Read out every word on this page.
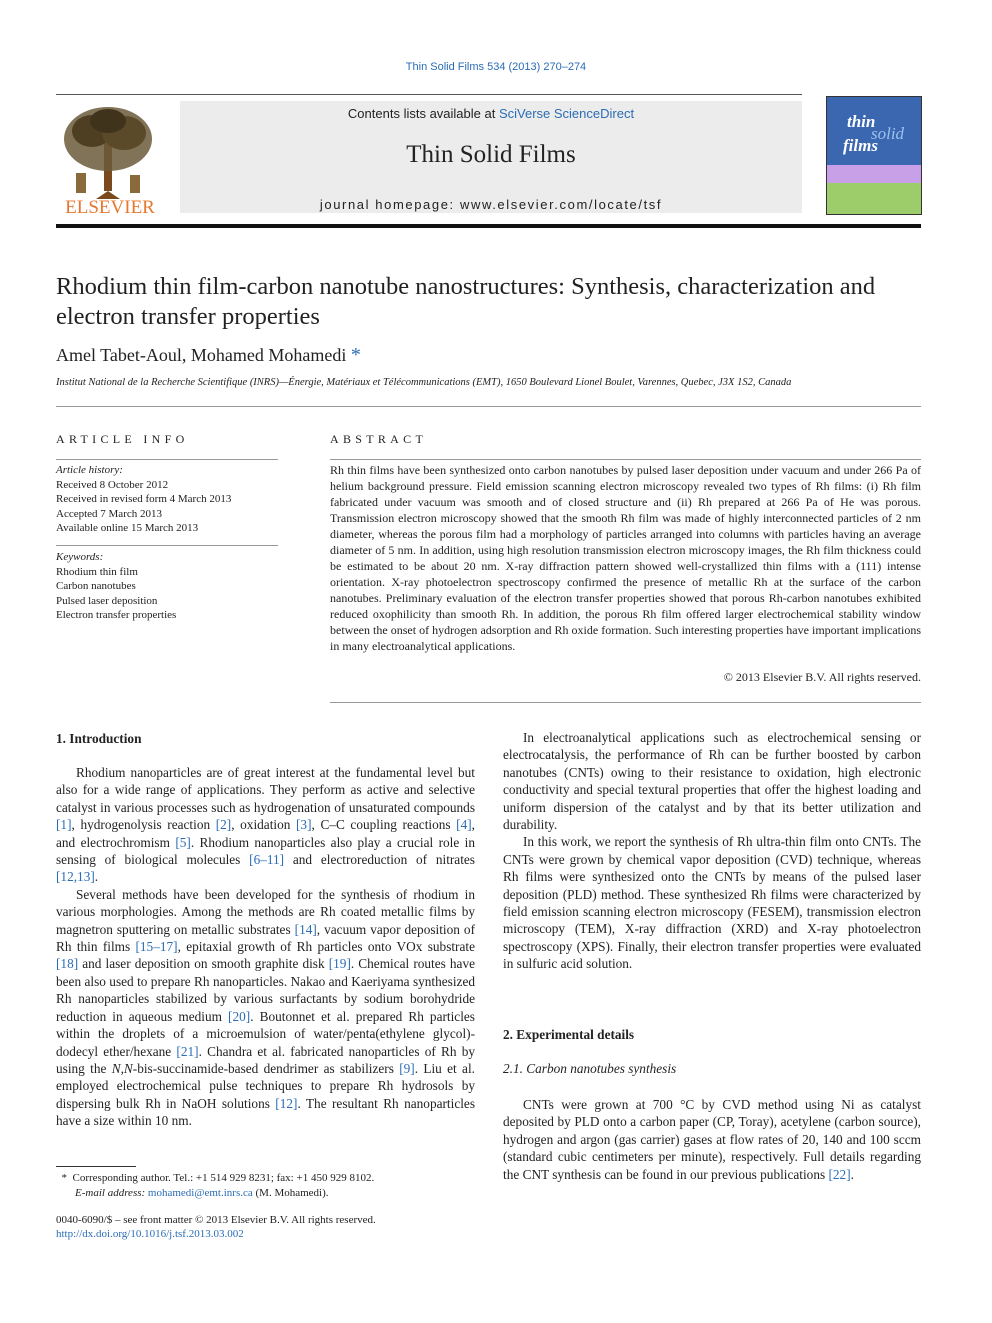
Thin Solid Films 534 (2013) 270–274
ELSEVIER
Contents lists available at SciVerse ScienceDirect
Thin Solid Films
journal homepage: www.elsevier.com/locate/tsf
thin
solid
films
Rhodium thin film-carbon nanotube nanostructures: Synthesis, characterization and electron transfer properties
Amel Tabet-Aoul, Mohamed Mohamedi *
Institut National de la Recherche Scientifique (INRS)—Énergie, Matériaux et Télécommunications (EMT), 1650 Boulevard Lionel Boulet, Varennes, Quebec, J3X 1S2, Canada
ARTICLE INFO
Article history:
Received 8 October 2012
Received in revised form 4 March 2013
Accepted 7 March 2013
Available online 15 March 2013
Keywords:
Rhodium thin film
Carbon nanotubes
Pulsed laser deposition
Electron transfer properties
ABSTRACT
Rh thin films have been synthesized onto carbon nanotubes by pulsed laser deposition under vacuum and under 266 Pa of helium background pressure. Field emission scanning electron microscopy revealed two types of Rh films: (i) Rh film fabricated under vacuum was smooth and of closed structure and (ii) Rh prepared at 266 Pa of He was porous. Transmission electron microscopy showed that the smooth Rh film was made of highly interconnected particles of 2 nm diameter, whereas the porous film had a morphology of particles arranged into columns with particles having an average diameter of 5 nm. In addition, using high resolution transmission electron microscopy images, the Rh film thickness could be estimated to be about 20 nm. X-ray diffraction pattern showed well-crystallized thin films with a (111) intense orientation. X-ray photoelectron spectroscopy confirmed the presence of metallic Rh at the surface of the carbon nanotubes. Preliminary evaluation of the electron transfer properties showed that porous Rh-carbon nanotubes exhibited reduced oxophilicity than smooth Rh. In addition, the porous Rh film offered larger electrochemical stability window between the onset of hydrogen adsorption and Rh oxide formation. Such interesting properties have important implications in many electroanalytical applications.
© 2013 Elsevier B.V. All rights reserved.
1. Introduction

Rhodium nanoparticles are of great interest at the fundamental level but also for a wide range of applications. They perform as active and selective catalyst in various processes such as hydrogenation of unsaturated compounds [1], hydrogenolysis reaction [2], oxidation [3], C–C coupling reactions [4], and electrochromism [5]. Rhodium nanoparticles also play a crucial role in sensing of biological molecules [6–11] and electroreduction of nitrates [12,13].

Several methods have been developed for the synthesis of rhodium in various morphologies. Among the methods are Rh coated metallic films by magnetron sputtering on metallic substrates [14], vacuum vapor deposition of Rh thin films [15–17], epitaxial growth of Rh particles onto VOx substrate [18] and laser deposition on smooth graphite disk [19]. Chemical routes have been also used to prepare Rh nanoparticles. Nakao and Kaeriyama synthesized Rh nanoparticles stabilized by various surfactants by sodium borohydride reduction in aqueous medium [20]. Boutonnet et al. prepared Rh particles within the droplets of a microemulsion of water/penta(ethylene glycol)-dodecyl ether/hexane [21]. Chandra et al. fabricated nanoparticles of Rh by using the N,N-bis-succinamide-based dendrimer as stabilizers [9]. Liu et al. employed electrochemical pulse techniques to prepare Rh hydrosols by dispersing bulk Rh in NaOH solutions [12]. The resultant Rh nanoparticles have a size within 10 nm.

In electroanalytical applications such as electrochemical sensing or electrocatalysis, the performance of Rh can be further boosted by carbon nanotubes (CNTs) owing to their resistance to oxidation, high electronic conductivity and special textural properties that offer the highest loading and uniform dispersion of the catalyst and by that its better utilization and durability.

In this work, we report the synthesis of Rh ultra-thin film onto CNTs. The CNTs were grown by chemical vapor deposition (CVD) technique, whereas Rh films were synthesized onto the CNTs by means of the pulsed laser deposition (PLD) method. These synthesized Rh films were characterized by field emission scanning electron microscopy (FESEM), transmission electron microscopy (TEM), X-ray diffraction (XRD) and X-ray photoelectron spectroscopy (XPS). Finally, their electron transfer properties were evaluated in sulfuric acid solution.

2. Experimental details
2.1. Carbon nanotubes synthesis

CNTs were grown at 700 °C by CVD method using Ni as catalyst deposited by PLD onto a carbon paper (CP, Toray), acetylene (carbon source), hydrogen and argon (gas carrier) gases at flow rates of 20, 140 and 100 sccm (standard cubic centimeters per minute), respectively. Full details regarding the CNT synthesis can be found in our previous publications [22].

*  Corresponding author. Tel.: +1 514 929 8231; fax: +1 450 929 8102.
E-mail address: mohamedi@emt.inrs.ca (M. Mohamedi).
0040-6090/$ – see front matter © 2013 Elsevier B.V. All rights reserved.
http://dx.doi.org/10.1016/j.tsf.2013.03.002
